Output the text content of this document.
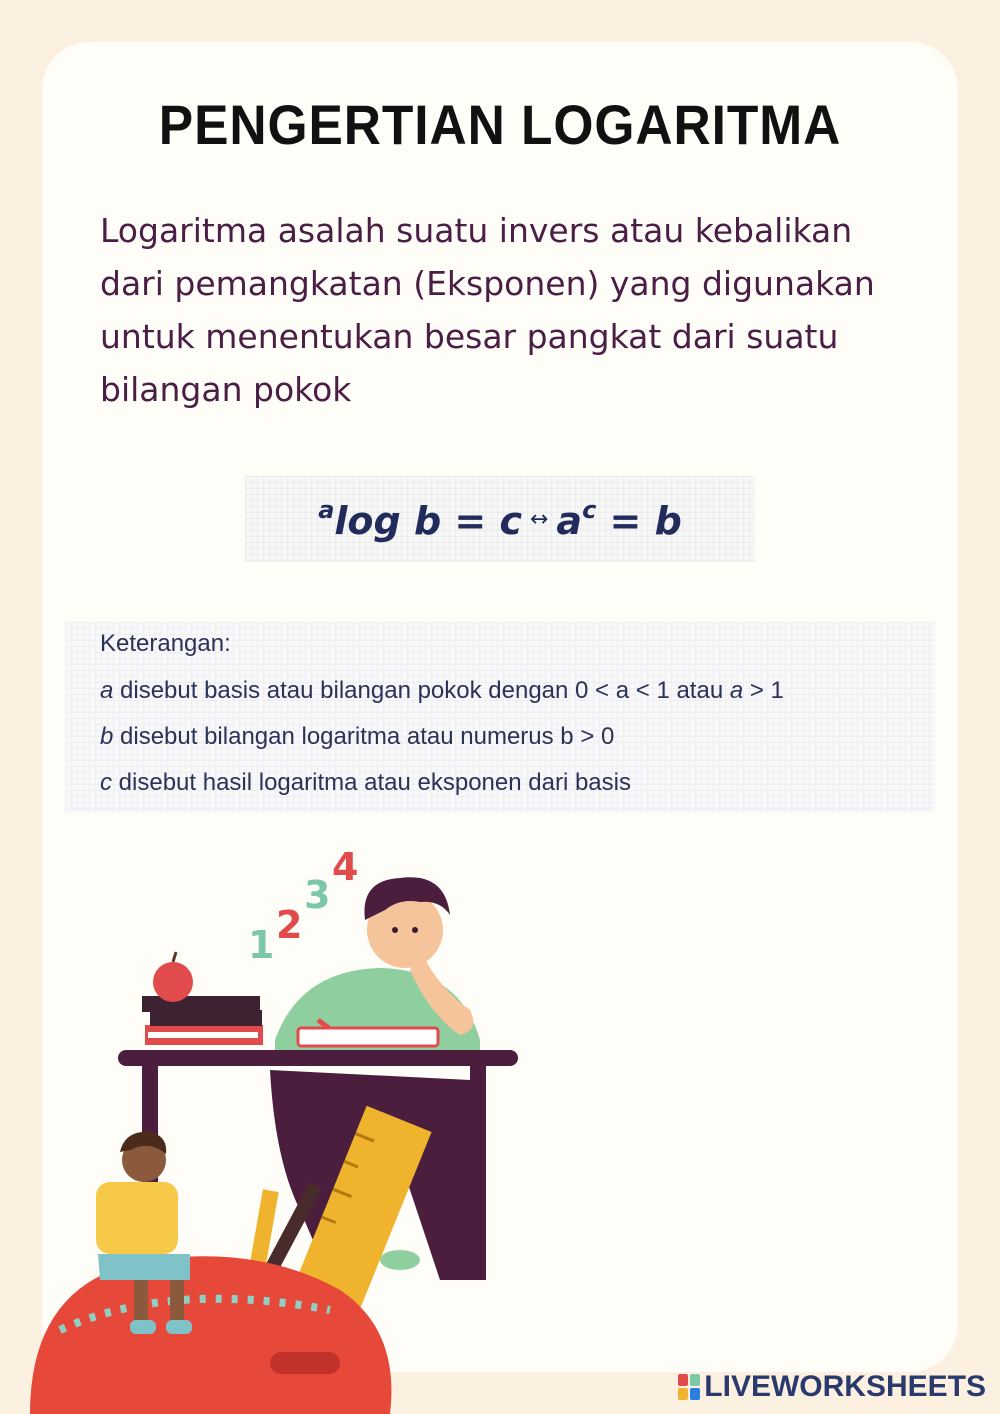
PENGERTIAN LOGARITMA
Logaritma asalah suatu invers atau kebalikan dari pemangkatan (Eksponen) yang digunakan untuk menentukan besar pangkat dari suatu bilangan pokok
$^a$log b = c ↔ $a^c = b$
Keterangan:
a disebut basis atau bilangan pokok dengan 0 < a < 1 atau a > 1
b disebut bilangan logaritma atau numerus b > 0
c disebut hasil logaritma atau eksponen dari basis
1 2
3
4
LIVEWORKSHEETS
